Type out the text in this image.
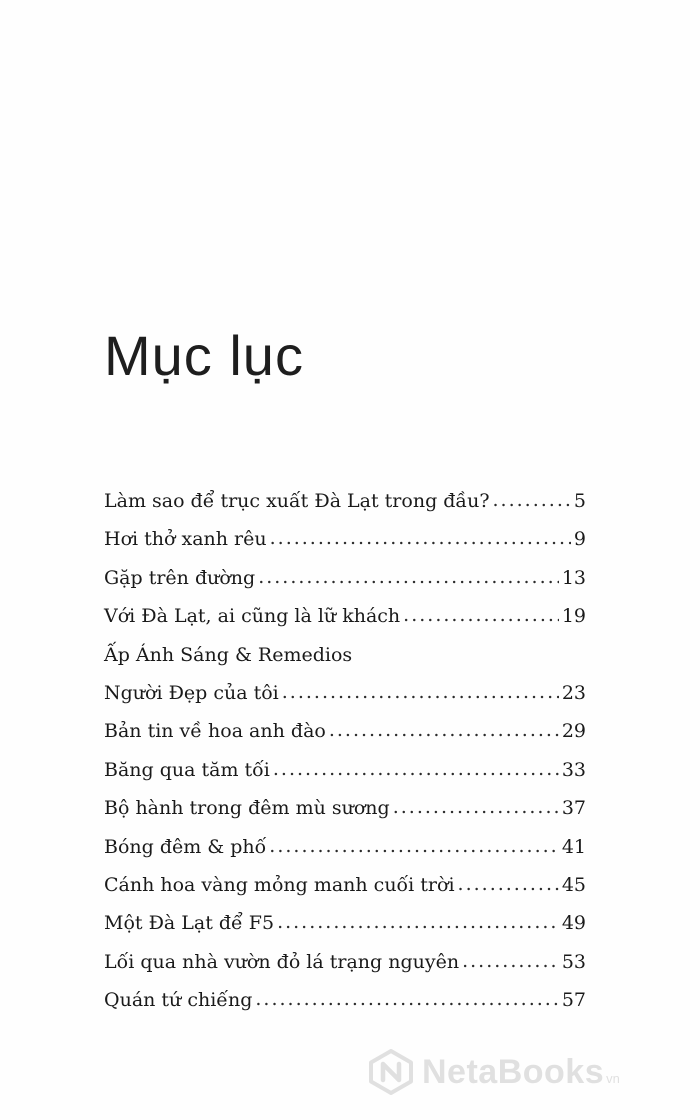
Mục lục
Làm sao để trục xuất Đà Lạt trong đầu? .....	5
Hơi thở xanh rêu .....	9
Gặp trên đường .....	13
Với Đà Lạt, ai cũng là lữ khách .....	19
Ấp Ánh Sáng & Remedios
Người Đẹp của tôi .....	23
Bản tin về hoa anh đào .....	29
Băng qua tăm tối .....	33
Bộ hành trong đêm mù sương .....	37
Bóng đêm & phố .....	41
Cánh hoa vàng mỏng manh cuối trời .....	45
Một Đà Lạt để F5 .....	49
Lối qua nhà vườn đỏ lá trạng nguyên .....	53
Quán tứ chiếng .....	57
NetaBooks vn
